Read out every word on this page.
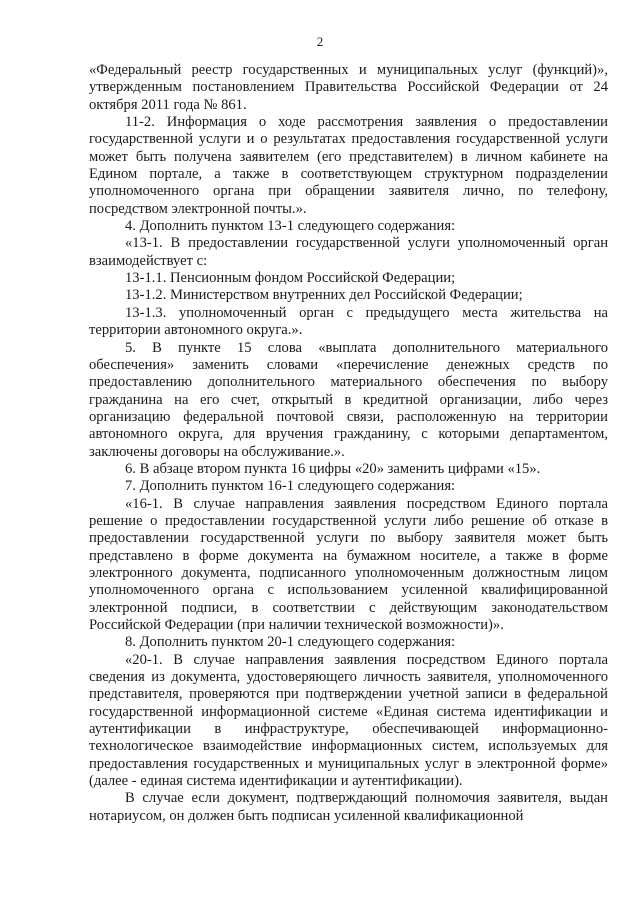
2

«Федеральный реестр государственных и муниципальных услуг (функций)», утвержденным постановлением Правительства Российской Федерации от 24 октября 2011 года № 861.

11-2. Информация о ходе рассмотрения заявления о предоставлении государственной услуги и о результатах предоставления государственной услуги может быть получена заявителем (его представителем) в личном кабинете на Едином портале, а также в соответствующем структурном подразделении уполномоченного органа при обращении заявителя лично, по телефону, посредством электронной почты.».

4. Дополнить пунктом 13-1 следующего содержания:

«13-1. В предоставлении государственной услуги уполномоченный орган взаимодействует с:

13-1.1. Пенсионным фондом Российской Федерации;

13-1.2. Министерством внутренних дел Российской Федерации;

13-1.3. уполномоченный орган с предыдущего места жительства на территории автономного округа.».

5. В пункте 15 слова «выплата дополнительного материального обеспечения» заменить словами «перечисление денежных средств по предоставлению дополнительного материального обеспечения по выбору гражданина на его счет, открытый в кредитной организации, либо через организацию федеральной почтовой связи, расположенную на территории автономного округа, для вручения гражданину, с которыми департаментом, заключены договоры на обслуживание.».

6. В абзаце втором пункта 16 цифры «20» заменить цифрами «15».

7. Дополнить пунктом 16-1 следующего содержания:

«16-1. В случае направления заявления посредством Единого портала решение о предоставлении государственной услуги либо решение об отказе в предоставлении государственной услуги по выбору заявителя может быть представлено в форме документа на бумажном носителе, а также в форме электронного документа, подписанного уполномоченным должностным лицом уполномоченного органа с использованием усиленной квалифицированной электронной подписи, в соответствии с действующим законодательством Российской Федерации (при наличии технической возможности)».

8. Дополнить пунктом 20-1 следующего содержания:

«20-1. В случае направления заявления посредством Единого портала сведения из документа, удостоверяющего личность заявителя, уполномоченного представителя, проверяются при подтверждении учетной записи в федеральной государственной информационной системе «Единая система идентификации и аутентификации в инфраструктуре, обеспечивающей информационно-технологическое взаимодействие информационных систем, используемых для предоставления государственных и муниципальных услуг в электронной форме» (далее - единая система идентификации и аутентификации).

В случае если документ, подтверждающий полномочия заявителя, выдан нотариусом, он должен быть подписан усиленной квалификационной
